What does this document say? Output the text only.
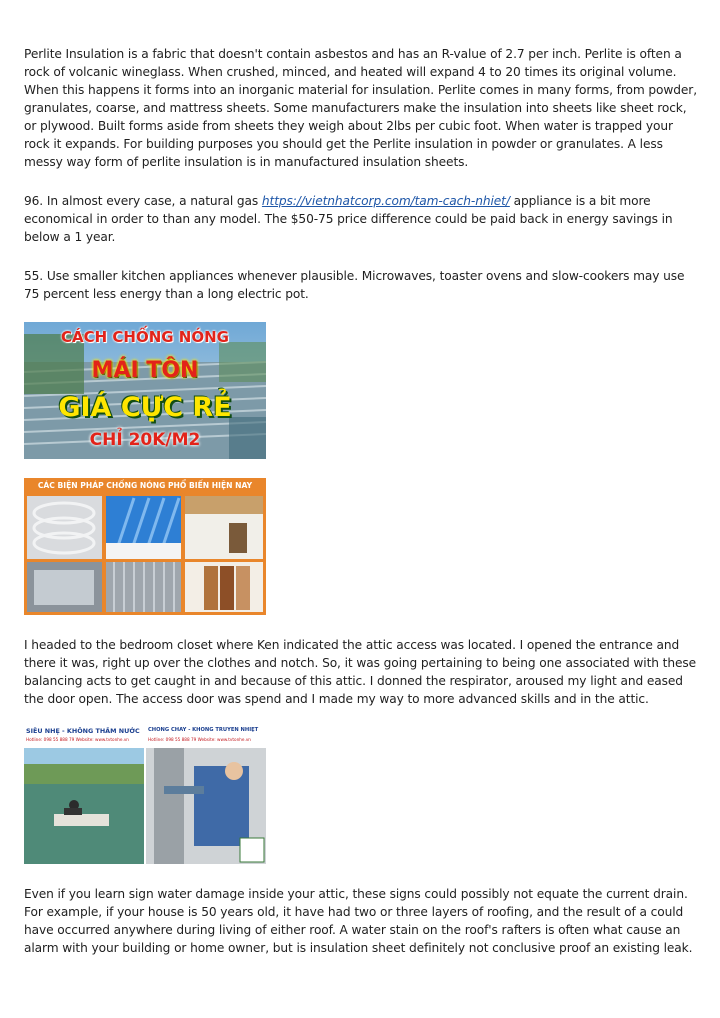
Perlite Insulation is a fabric that doesn't contain asbestos and has an R-value of 2.7 per inch. Perlite is often a rock of volcanic wineglass. When crushed, minced, and heated will expand 4 to 20 times its original volume. When this happens it forms into an inorganic material for insulation. Perlite comes in many forms, from powder, granulates, coarse, and mattress sheets. Some manufacturers make the insulation into sheets like sheet rock, or plywood. Built forms aside from sheets they weigh about 2lbs per cubic foot. When water is trapped your rock it expands. For building purposes you should get the Perlite insulation in powder or granulates. A less messy way form of perlite insulation is in manufactured insulation sheets.

96. In almost every case, a natural gas https://vietnhatcorp.com/tam-cach-nhiet/ appliance is a bit more economical in order to than any model. The $50-75 price difference could be paid back in energy savings in below a 1 year.

55. Use smaller kitchen appliances whenever plausible. Microwaves, toaster ovens and slow-cookers may use 75 percent less energy than a long electric pot.

CÁCH CHỐNG NÓNG
MÁI TÔN
GIÁ CỰC RẺ
CHỈ 20K/M2
CÁC BIỆN PHÁP CHỐNG NÓNG PHỔ BIẾN HIỆN NAY

I headed to the bedroom closet where Ken indicated the attic access was located. I opened the entrance and there it was, right up over the clothes and notch. So, it was going pertaining to being one associated with these balancing acts to get caught in and because of this attic. I donned the respirator, aroused my light and eased the door open. The access door was spend and I made my way to more advanced skills and in the attic.

SIÊU NHẸ - KHÔNG THẤM NƯỚC
Hotline: 098 55 888 79 Website: www.tvtonhe.vn
CHỐNG CHÁY - KHÔNG TRUYỀN NHIỆT
Hotline: 098 55 888 79 Website: www.tvtonhe.vn

Even if you learn sign water damage inside your attic, these signs could possibly not equate the current drain. For example, if your house is 50 years old, it have had two or three layers of roofing, and the result of a could have occurred anywhere during living of either roof. A water stain on the roof's rafters is often what cause an alarm with your building or home owner, but is insulation sheet definitely not conclusive proof an existing leak.
